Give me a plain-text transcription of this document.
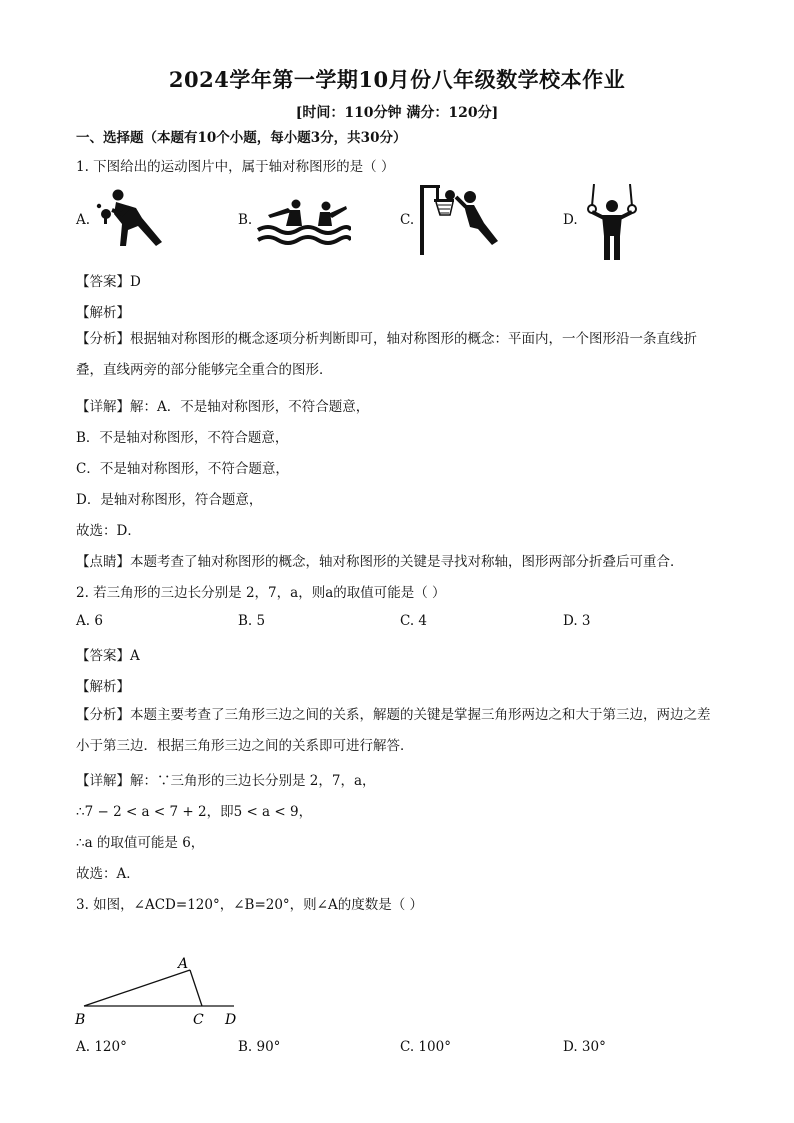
2024学年第一学期10月份八年级数学校本作业
[时间：110分钟 满分：120分]
一、选择题（本题有10个小题，每小题3分，共30分）
1. 下图给出的运动图片中，属于轴对称图形的是（ ）
A.	B.	C.	D.
【答案】D
【解析】
【分析】根据轴对称图形的概念逐项分析判断即可，轴对称图形的概念：平面内，一个图形沿一条直线折叠，直线两旁的部分能够完全重合的图形．
【详解】解：A．不是轴对称图形，不符合题意，
B．不是轴对称图形，不符合题意，
C．不是轴对称图形，不符合题意，
D．是轴对称图形，符合题意，
故选：D．
【点睛】本题考查了轴对称图形的概念，轴对称图形的关键是寻找对称轴，图形两部分折叠后可重合．
2. 若三角形的三边长分别是 2，7，a，则a的取值可能是（ ）
A. 6	B. 5	C. 4	D. 3
【答案】A
【解析】
【分析】本题主要考查了三角形三边之间的关系，解题的关键是掌握三角形两边之和大于第三边，两边之差小于第三边．根据三角形三边之间的关系即可进行解答．
【详解】解：∵三角形的三边长分别是 2，7，a，
∴7 − 2 < a < 7 + 2，即5 < a < 9，
∴a 的取值可能是 6，
故选：A．
3. 如图，∠ACD=120°，∠B=20°，则∠A的度数是（ ）
A
B	C D
A. 120°	B. 90°	C. 100°	D. 30°
